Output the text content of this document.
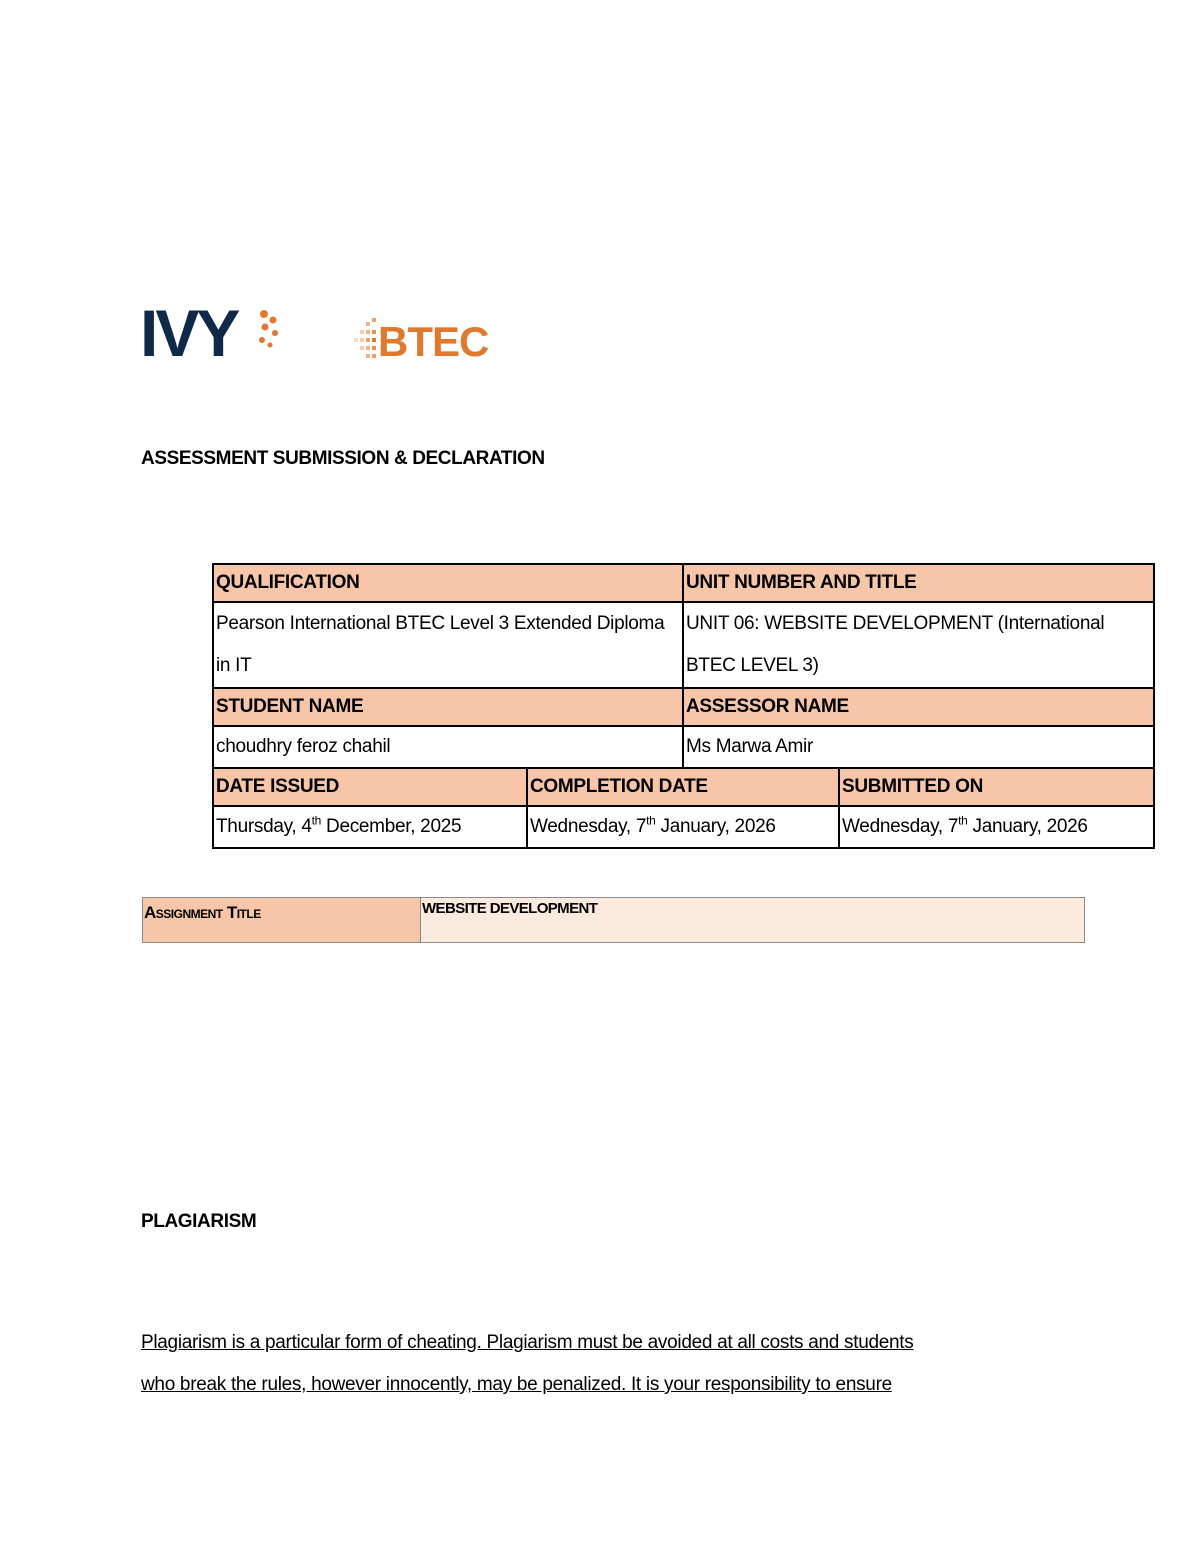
IVY	BTEC
ASSESSMENT SUBMISSION & DECLARATION
QUALIFICATION		UNIT NUMBER AND TITLE	
Pearson International BTEC Level 3 Extended Diploma in IT		UNIT 06: WEBSITE DEVELOPMENT (International BTEC LEVEL 3)	
STUDENT NAME		ASSESSOR NAME	
choudhry feroz chahil		Ms Marwa Amir	
DATE ISSUED	COMPLETION DATE		SUBMITTED ON
Thursday, 4th December, 2025	Wednesday, 7th January, 2026		Wednesday, 7th January, 2026
Assignment Title	WEBSITE DEVELOPMENT
PLAGIARISM
Plagiarism is a particular form of cheating. Plagiarism must be avoided at all costs and students
who break the rules, however innocently, may be penalized. It is your responsibility to ensure
